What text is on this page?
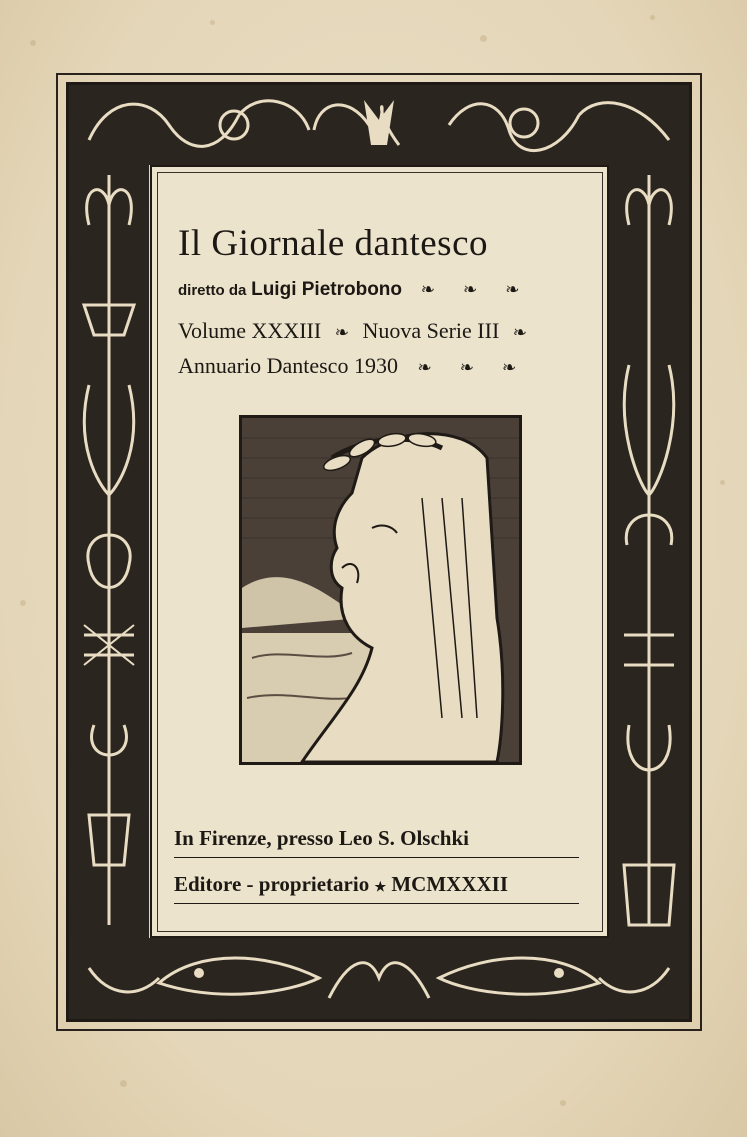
Il Giornale dantesco
diretto da Luigi Pietrobono ❧ ❧ ❧
Volume XXXIII ❧ Nuova Serie III ❧
Annuario Dantesco 1930 ❧ ❧ ❧
In Firenze, presso Leo S. Olschki
Editore - proprietario ★ MCMXXXII
